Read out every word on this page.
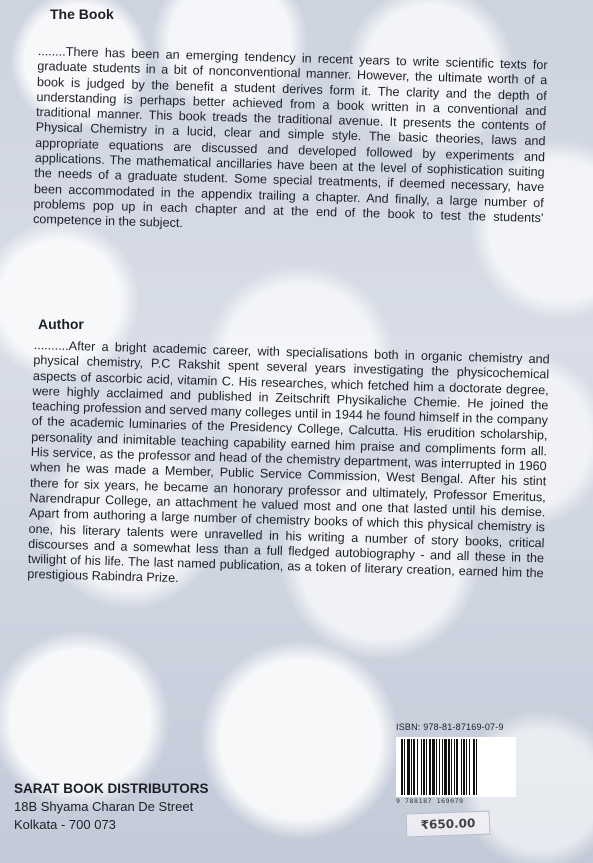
The Book

........There has been an emerging tendency in recent years to write scientific texts for graduate students in a bit of nonconventional manner. However, the ultimate worth of a book is judged by the benefit a student derives form it. The clarity and the depth of understanding is perhaps better achieved from a book written in a conventional and traditional manner. This book treads the traditional avenue. It presents the contents of Physical Chemistry in a lucid, clear and simple style. The basic theories, laws and appropriate equations are discussed and developed followed by experiments and applications. The mathematical ancillaries have been at the level of sophistication suiting the needs of a graduate student. Some special treatments, if deemed necessary, have been accommodated in the appendix trailing a chapter. And finally, a large number of problems pop up in each chapter and at the end of the book to test the students' competence in the subject.

Author

..........After a bright academic career, with specialisations both in organic chemistry and physical chemistry, P.C Rakshit spent several years investigating the physicochemical aspects of ascorbic acid, vitamin C. His researches, which fetched him a doctorate degree, were highly acclaimed and published in Zeitschrift Physikaliche Chemie. He joined the teaching profession and served many colleges until in 1944 he found himself in the company of the academic luminaries of the Presidency College, Calcutta. His erudition scholarship, personality and inimitable teaching capability earned him praise and compliments form all. His service, as the professor and head of the chemistry department, was interrupted in 1960 when he was made a Member, Public Service Commission, West Bengal. After his stint there for six years, he became an honorary professor and ultimately, Professor Emeritus, Narendrapur College, an attachment he valued most and one that lasted until his demise. Apart from authoring a large number of chemistry books of which this physical chemistry is one, his literary talents were unravelled in his writing a number of story books, critical discourses and a somewhat less than a full fledged autobiography - and all these in the twilight of his life. The last named publication, as a token of literary creation, earned him the prestigious Rabindra Prize.

ISBN: 978-81-87169-07-9
9 788187 169079
₹650.00
SARAT BOOK DISTRIBUTORS
18B Shyama Charan De Street
Kolkata - 700 073
